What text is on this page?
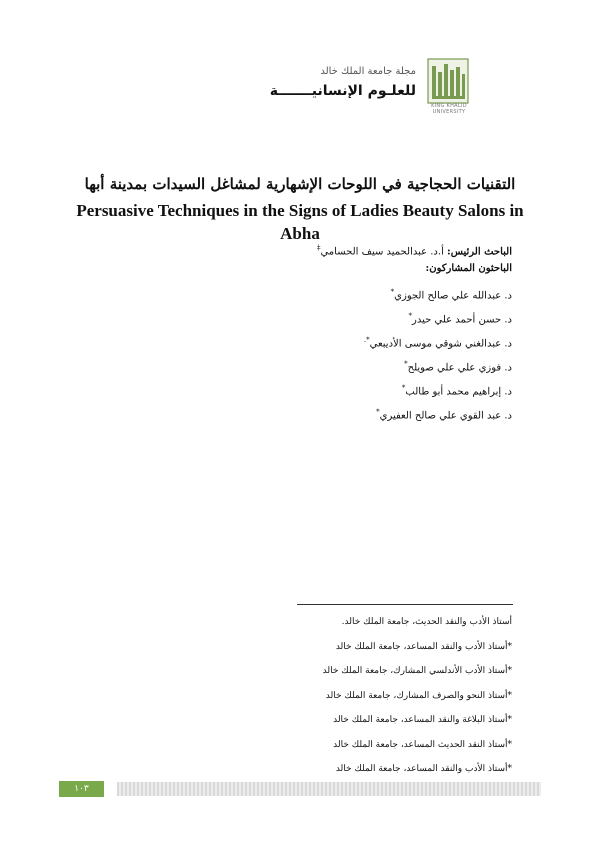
KING KHALID UNIVERSITY
مجلة جامعة الملك خالد
للعلـوم الإنسانيـــــــة
التقنيات الحجاجية في اللوحات الإشهارية لمشاغل السيدات بمدينة أبها
Persuasive Techniques in the Signs of Ladies Beauty Salons in Abha
الباحث الرئيس: أ.د. عبدالحميد سيف الحسامي‡
الباحثون المشاركون:
د. عبدالله علي صالح الجوزي*
د. حسن أحمد علي حيدر*
د. عبدالغني شوقي موسى الأديبعي*.
د. فوزي علي علي صويلح*
د. إبراهيم محمد أبو طالب*
د. عبد القوي علي صالح العفيري*
أستاذ الأدب والنقد الحديث، جامعة الملك خالد.
*أستاذ الأدب والنقد المساعد، جامعة الملك خالد
*أستاذ الأدب الأندلسي المشارك، جامعة الملك خالد
*أستاذ النحو والصرف المشارك، جامعة الملك خالد
*أستاذ البلاغة والنقد المساعد، جامعة الملك خالد
*أستاذ النقد الحديث المساعد، جامعة الملك خالد
*أستاذ الأدب والنقد المساعد، جامعة الملك خالد
١٠٣
